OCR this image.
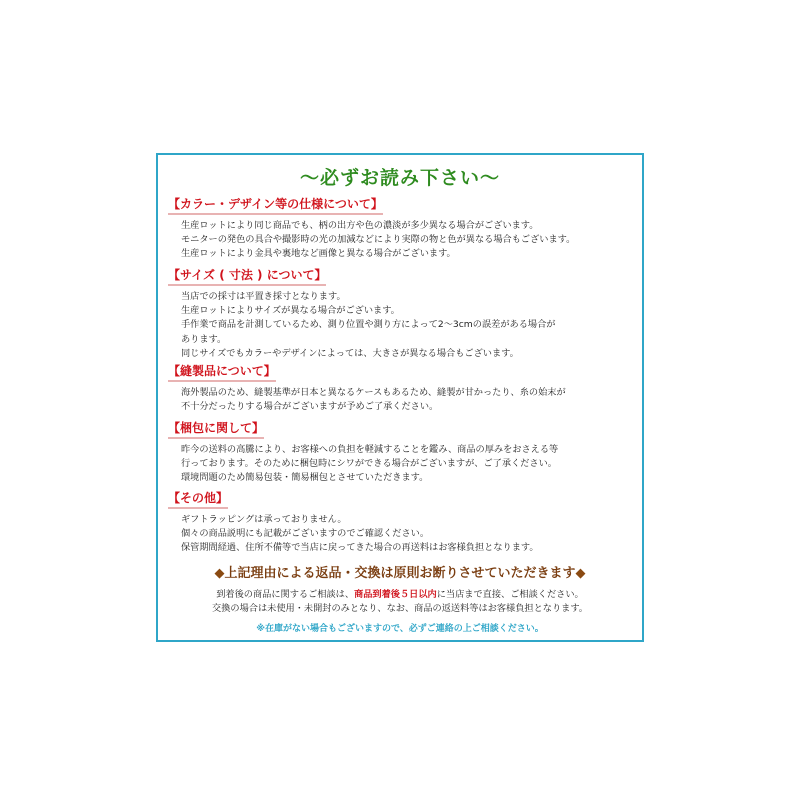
～必ずお読み下さい～
【カラー・デザイン等の仕様について】
生産ロットにより同じ商品でも、柄の出方や色の濃淡が多少異なる場合がございます。
モニターの発色の具合や撮影時の光の加減などにより実際の物と色が異なる場合もございます。
生産ロットにより金具や裏地など画像と異なる場合がございます。
【サイズ ( 寸法 ) について】
当店での採寸は平置き採寸となります。
生産ロットによりサイズが異なる場合がございます。
手作業で商品を計測しているため、測り位置や測り方によって2～3cmの誤差がある場合が
あります。
同じサイズでもカラーやデザインによっては、大きさが異なる場合もございます。
【縫製品について】
海外製品のため、縫製基準が日本と異なるケースもあるため、縫製が甘かったり、糸の始末が
不十分だったりする場合がございますが予めご了承ください。
【梱包に関して】
昨今の送料の高騰により、お客様への負担を軽減することを鑑み、商品の厚みをおさえる等
行っております。そのために梱包時にシワができる場合がございますが、ご了承ください。
環境問題のため簡易包装・簡易梱包とさせていただきます。
【その他】
ギフトラッピングは承っておりません。
個々の商品説明にも記載がございますのでご確認ください。
保管期間経過、住所不備等で当店に戻ってきた場合の再送料はお客様負担となります。
◆上記理由による返品・交換は原則お断りさせていただきます◆
到着後の商品に関するご相談は、商品到着後５日以内に当店まで直接、ご相談ください。
交換の場合は未使用・未開封のみとなり、なお、商品の返送料等はお客様負担となります。
※在庫がない場合もございますので、必ずご連絡の上ご相談ください。
